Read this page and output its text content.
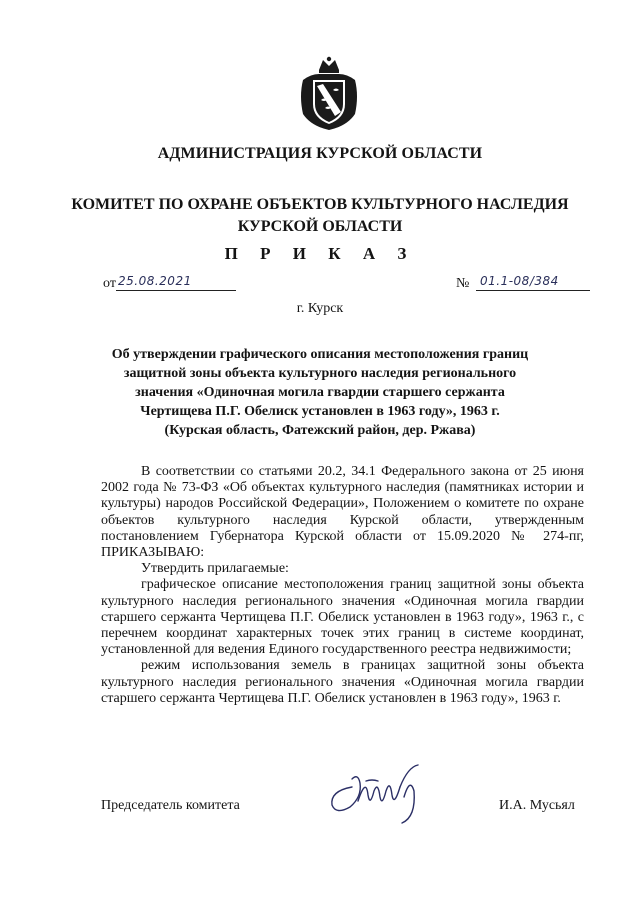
АДМИНИСТРАЦИЯ КУРСКОЙ ОБЛАСТИ
КОМИТЕТ ПО ОХРАНЕ ОБЪЕКТОВ КУЛЬТУРНОГО НАСЛЕДИЯ
КУРСКОЙ ОБЛАСТИ
П Р И К А З
от 25.08.2021	№ 01.1-08/384
г. Курск
Об утверждении графического описания местоположения границ
защитной зоны объекта культурного наследия регионального
значения «Одиночная могила гвардии старшего сержанта
Чертищева П.Г. Обелиск установлен в 1963 году», 1963 г.
(Курская область, Фатежский район, дер. Ржава)

В соответствии со статьями 20.2, 34.1 Федерального закона от 25 июня 2002 года № 73-ФЗ «Об объектах культурного наследия (памятниках истории и культуры) народов Российской Федерации», Положением о комитете по охране объектов культурного наследия Курской области, утвержденным постановлением Губернатора Курской области от 15.09.2020 № 274-пг, ПРИКАЗЫВАЮ:

Утвердить прилагаемые:

графическое описание местоположения границ защитной зоны объекта культурного наследия регионального значения «Одиночная могила гвардии старшего сержанта Чертищева П.Г. Обелиск установлен в 1963 году», 1963 г., с перечнем координат характерных точек этих границ в системе координат, установленной для ведения Единого государственного реестра недвижимости;

режим использования земель в границах защитной зоны объекта культурного наследия регионального значения «Одиночная могила гвардии старшего сержанта Чертищева П.Г. Обелиск установлен в 1963 году», 1963 г.

Председатель комитета	И.А. Мусьял
